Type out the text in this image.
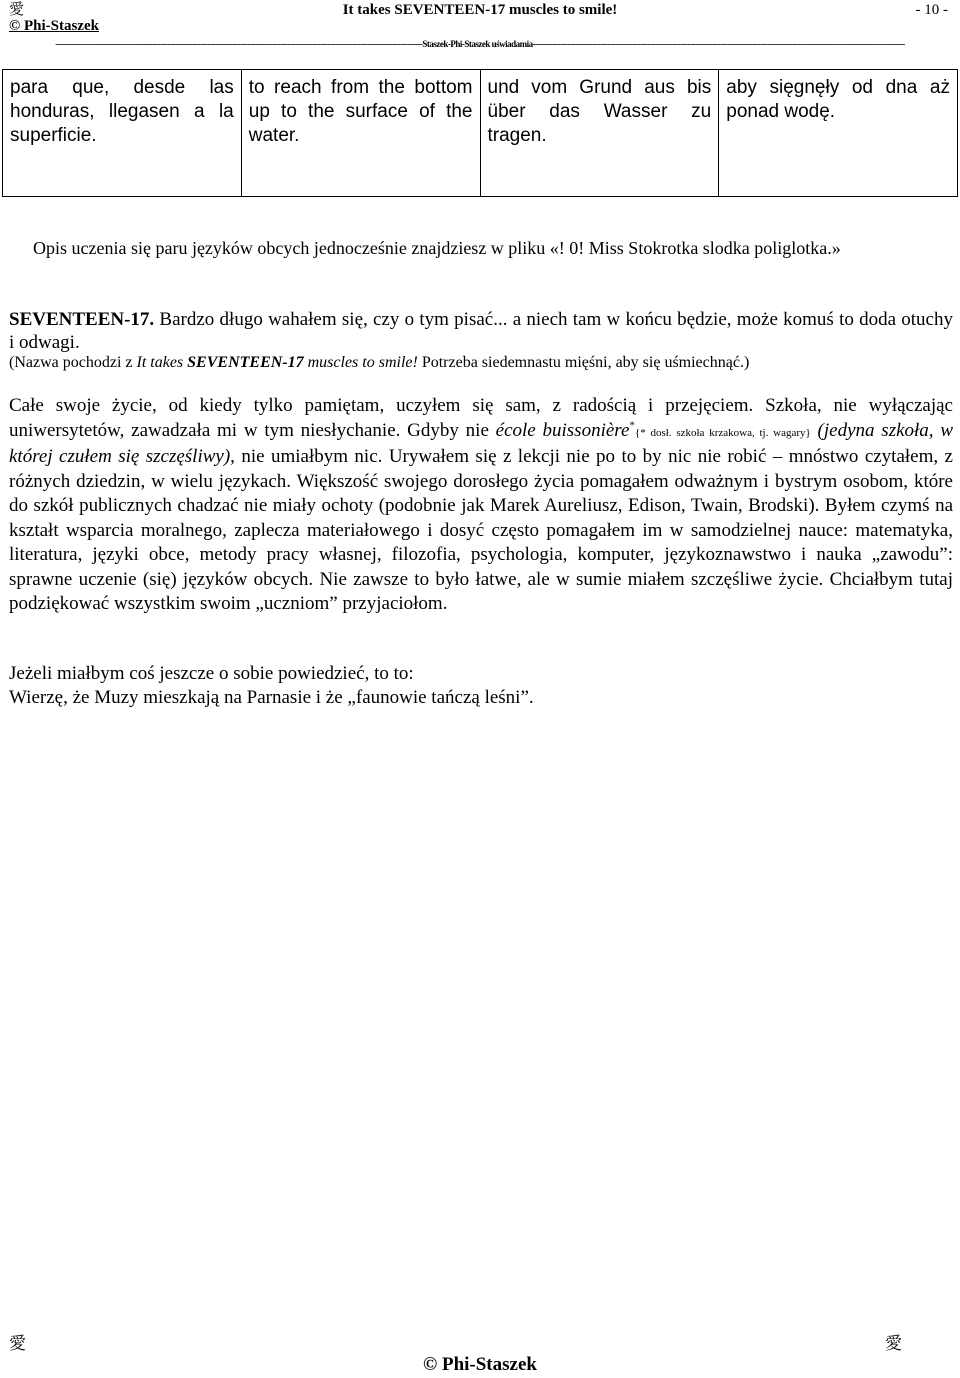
愛
© Phi-Staszek
It takes SEVENTEEN-17 muscles to smile!	- 10 -
---------------------------------------------------------------------------------------------------------------------------------------------------Staszek-Phi-Staszek uświadamia-----------------------------------------------------------------------------------------------------------------------------------------------------
para que, desde las honduras, llegasen a la superficie.	to reach from the bottom up to the surface of the water.	und vom Grund aus bis über das Wasser zu tragen.	aby sięgnęły od dna aż ponad wodę.
Opis uczenia się paru języków obcych jednocześnie znajdziesz w pliku «! 0! Miss Stokrotka slodka poliglotka.»
SEVENTEEN-17. Bardzo długo wahałem się, czy o tym pisać... a niech tam w końcu będzie, może komuś to doda otuchy i odwagi.
(Nazwa pochodzi z It takes SEVENTEEN-17 muscles to smile! Potrzeba siedemnastu mięśni, aby się uśmiechnąć.)
Całe swoje życie, od kiedy tylko pamiętam, uczyłem się sam, z radością i przejęciem. Szkoła, nie wyłączając uniwersytetów, zawadzała mi w tym niesłychanie. Gdyby nie école buissonière*{* dosł. szkoła krzakowa, tj. wagary} (jedyna szkoła, w której czułem się szczęśliwy), nie umiałbym nic. Urywałem się z lekcji nie po to by nic nie robić – mnóstwo czytałem, z różnych dziedzin, w wielu językach. Większość swojego dorosłego życia pomagałem odważnym i bystrym osobom, które do szkół publicznych chadzać nie miały ochoty (podobnie jak Marek Aureliusz, Edison, Twain, Brodski). Byłem czymś na kształt wsparcia moralnego, zaplecza materiałowego i dosyć często pomagałem im w samodzielnej nauce: matematyka, literatura, języki obce, metody pracy własnej, filozofia, psychologia, komputer, językoznawstwo i nauka „zawodu”: sprawne uczenie (się) języków obcych. Nie zawsze to było łatwe, ale w sumie miałem szczęśliwe życie. Chciałbym tutaj podziękować wszystkim swoim „uczniom” przyjaciołom.
Jeżeli miałbym coś jeszcze o sobie powiedzieć, to to:
Wierzę, że Muzy mieszkają na Parnasie i że „faunowie tańczą leśni”.
愛	愛
© Phi-Staszek
